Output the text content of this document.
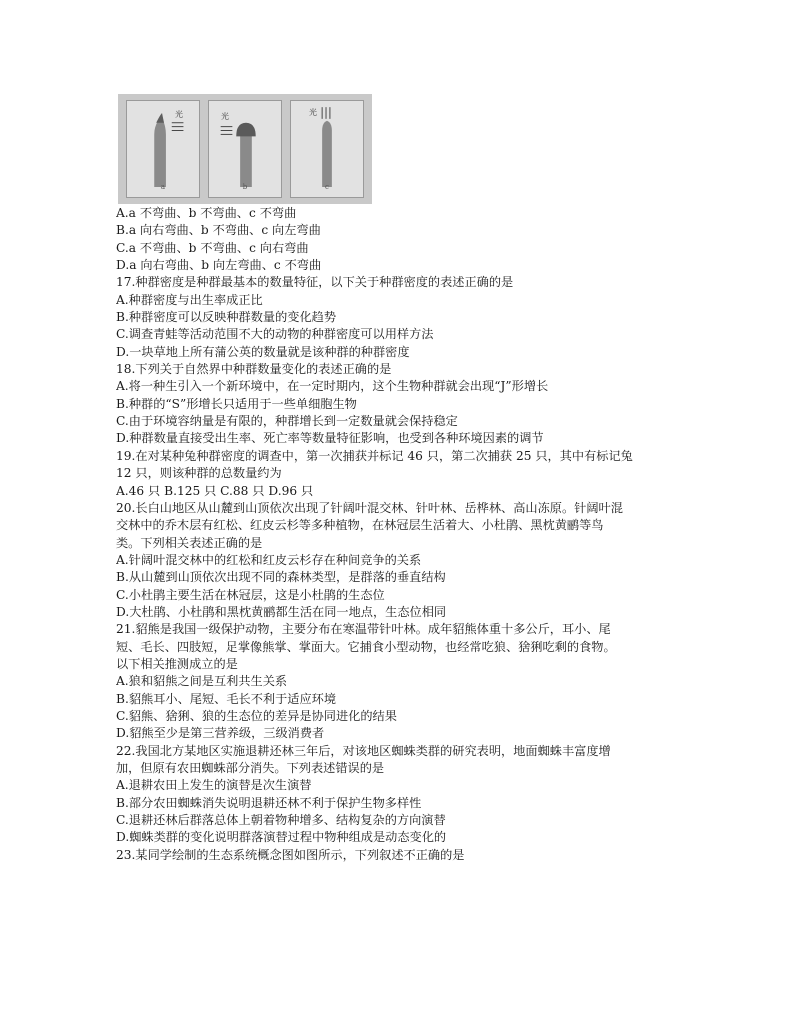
光
a
光
b
光
c
A.a 不弯曲、b 不弯曲、c 不弯曲
B.a 向右弯曲、b 不弯曲、c 向左弯曲
C.a 不弯曲、b 不弯曲、c 向右弯曲
D.a 向右弯曲、b 向左弯曲、c 不弯曲
17.种群密度是种群最基本的数量特征，以下关于种群密度的表述正确的是
A.种群密度与出生率成正比
B.种群密度可以反映种群数量的变化趋势
C.调查青蛙等活动范围不大的动物的种群密度可以用样方法
D.一块草地上所有蒲公英的数量就是该种群的种群密度
18.下列关于自然界中种群数量变化的表述正确的是
A.将一种生引入一个新环境中，在一定时期内，这个生物种群就会出现“J”形增长
B.种群的“S”形增长只适用于一些单细胞生物
C.由于环境容纳量是有限的，种群增长到一定数量就会保持稳定
D.种群数量直接受出生率、死亡率等数量特征影响，也受到各种环境因素的调节
19.在对某种兔种群密度的调查中，第一次捕获并标记 46 只，第二次捕获 25 只，其中有标记兔
12 只，则该种群的总数量约为
A.46 只 B.125 只 C.88 只 D.96 只
20.长白山地区从山麓到山顶依次出现了针阔叶混交林、针叶林、岳桦林、高山冻原。针阔叶混
交林中的乔木层有红松、红皮云杉等多种植物，在林冠层生活着大、小杜鹃、黑枕黄鹂等鸟
类。下列相关表述正确的是
A.针阔叶混交林中的红松和红皮云杉存在种间竞争的关系
B.从山麓到山顶依次出现不同的森林类型，是群落的垂直结构
C.小杜鹃主要生活在林冠层，这是小杜鹃的生态位
D.大杜鹃、小杜鹃和黑枕黄鹂都生活在同一地点，生态位相同
21.貂熊是我国一级保护动物，主要分布在寒温带针叶林。成年貂熊体重十多公斤，耳小、尾
短、毛长、四肢短，足掌像熊掌、掌面大。它捕食小型动物，也经常吃狼、猞猁吃剩的食物。
以下相关推测成立的是
A.狼和貂熊之间是互利共生关系
B.貂熊耳小、尾短、毛长不利于适应环境
C.貂熊、猞猁、狼的生态位的差异是协同进化的结果
D.貂熊至少是第三营养级，三级消费者
22.我国北方某地区实施退耕还林三年后，对该地区蜘蛛类群的研究表明，地面蜘蛛丰富度增
加，但原有农田蜘蛛部分消失。下列表述错误的是
A.退耕农田上发生的演替是次生演替
B.部分农田蜘蛛消失说明退耕还林不利于保护生物多样性
C.退耕还林后群落总体上朝着物种增多、结构复杂的方向演替
D.蜘蛛类群的变化说明群落演替过程中物种组成是动态变化的
23.某同学绘制的生态系统概念图如图所示，下列叙述不正确的是
